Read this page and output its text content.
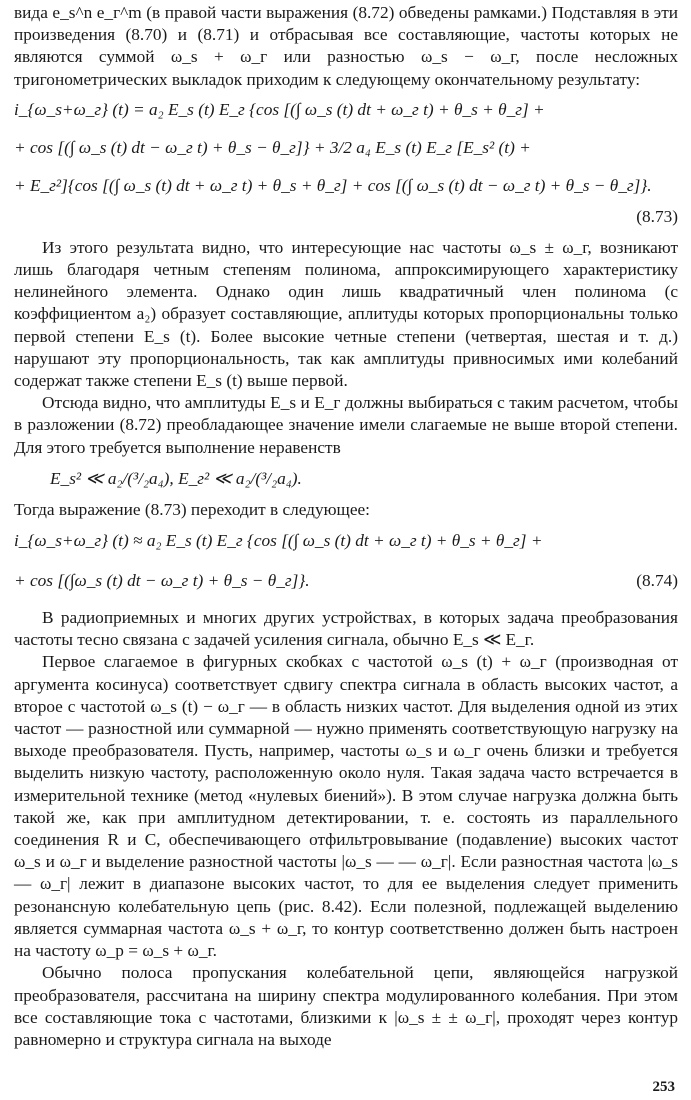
вида e_s^n e_г^m (в правой части выражения (8.72) обведены рамками.) Подставляя в эти произведения (8.70) и (8.71) и отбрасывая все составляющие, частоты которых не являются суммой ω_s + ω_г или разностью ω_s − ω_г, после несложных тригонометрических выкладок приходим к следующему окончательному результату:

i_{ω_s+ω_г} (t) = a₂ E_s (t) E_г {cos [(∫ ω_s (t) dt + ω_г t) + θ_s + θ_г] +
+ cos [(∫ ω_s (t) dt − ω_г t) + θ_s − θ_г]} + 3/2 a₄ E_s (t) E_г [E_s² (t) +
+ E_г²]{cos [(∫ ω_s (t) dt + ω_г t) + θ_s + θ_г] + cos [(∫ ω_s (t) dt − ω_г t) + θ_s − θ_г]}.
(8.73)

Из этого результата видно, что интересующие нас частоты ω_s ± ω_г, возникают лишь благодаря четным степеням полинома, аппроксимирующего характеристику нелинейного элемента. Однако один лишь квадратичный член полинома (с коэффициентом a₂) образует составляющие, аплитуды которых пропорциональны только первой степени E_s (t). Более высокие четные степени (четвертая, шестая и т. д.) нарушают эту пропорциональность, так как амплитуды привносимых ими колебаний содержат также степени E_s (t) выше первой.

Отсюда видно, что амплитуды E_s и E_г должны выбираться с таким расчетом, чтобы в разложении (8.72) преобладающее значение имели слагаемые не выше второй степени. Для этого требуется выполнение неравенств

E_s² ≪ a₂/(³/₂a₄), E_г² ≪ a₂/(³/₂a₄).

Тогда выражение (8.73) переходит в следующее:

i_{ω_s+ω_г} (t) ≈ a₂ E_s (t) E_г {cos [(∫ ω_s (t) dt + ω_г t) + θ_s + θ_г] +
+ cos [(∫ω_s (t) dt − ω_г t) + θ_s − θ_г]}.	(8.74)

В радиоприемных и многих других устройствах, в которых задача преобразования частоты тесно связана с задачей усиления сигнала, обычно E_s ≪ E_г.

Первое слагаемое в фигурных скобках с частотой ω_s (t) + ω_г (производная от аргумента косинуса) соответствует сдвигу спектра сигнала в область высоких частот, а второе с частотой ω_s (t) − ω_г — в область низких частот. Для выделения одной из этих частот — разностной или суммарной — нужно применять соответствующую нагрузку на выходе преобразователя. Пусть, например, частоты ω_s и ω_г очень близки и требуется выделить низкую частоту, расположенную около нуля. Такая задача часто встречается в измерительной технике (метод «нулевых биений»). В этом случае нагрузка должна быть такой же, как при амплитудном детектировании, т. е. состоять из параллельного соединения R и C, обеспечивающего отфильтровывание (подавление) высоких частот ω_s и ω_г и выделение разностной частоты |ω_s — — ω_г|. Если разностная частота |ω_s — ω_г| лежит в диапазоне высоких частот, то для ее выделения следует применить резонансную колебательную цепь (рис. 8.42). Если полезной, подлежащей выделению является суммарная частота ω_s + ω_г, то контур соответственно должен быть настроен на частоту ω_р = ω_s + ω_г.

Обычно полоса пропускания колебательной цепи, являющейся нагрузкой преобразователя, рассчитана на ширину спектра модулированного колебания. При этом все составляющие тока с частотами, близкими к |ω_s ± ± ω_г|, проходят через контур равномерно и структура сигнала на выходе

253
